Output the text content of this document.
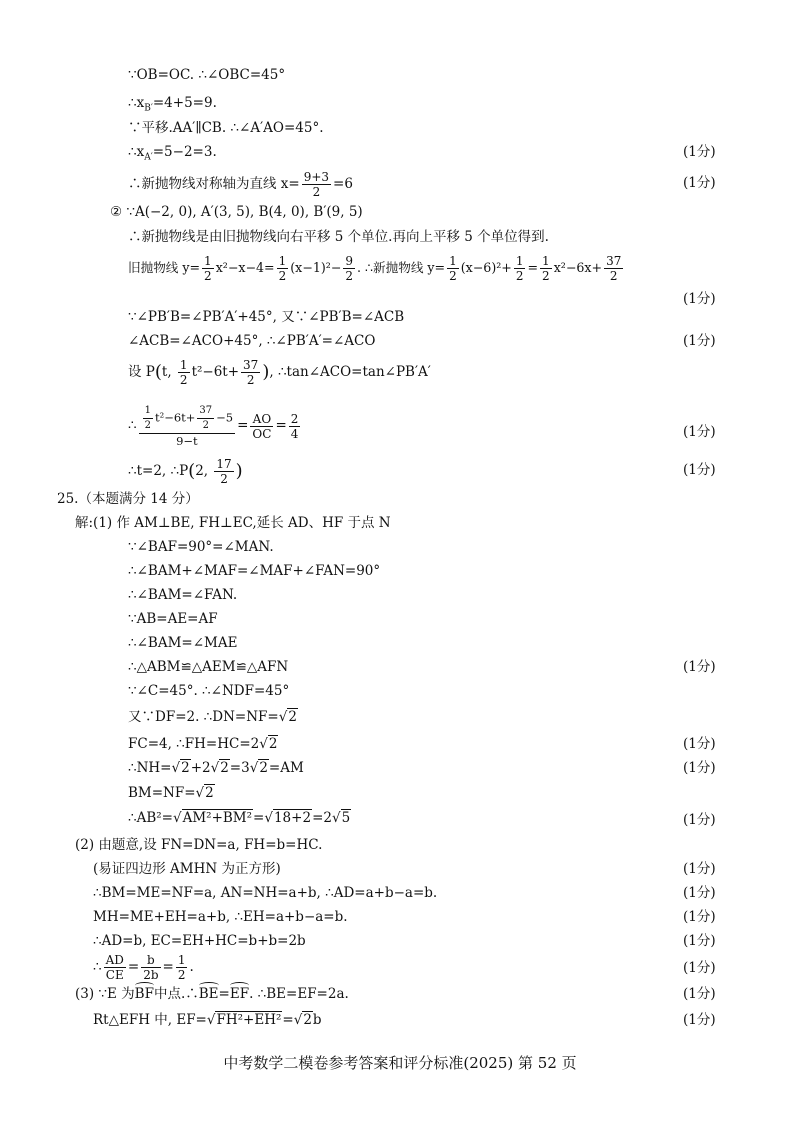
∵OB=OC. ∴∠OBC=45°
$\therefore x_{B'}=4+5=9$.
∵平移.AA′∥CB. ∴∠A′AO=45°.
$\therefore x_{A'}=5-2=3$.	(1分)
∴新抛物线对称轴为直线 $x= \frac{9+3}{2} =6$	(1分)
② ∵A(−2, 0), A′(3, 5), B(4, 0), B′(9, 5)
∴新抛物线是由旧抛物线向右平移 5 个单位.再向上平移 5 个单位得到.
旧抛物线 $y= \frac{1}{2} x^2-x-4= \frac{1}{2} (x-1)^2- \frac{9}{2}$ . ∴新抛物线 $y= \frac{1}{2} (x-6)^2+ \frac{1}{2} = \frac{1}{2} x^2-6x+ \frac{37}{2}$
(1分)
∵∠PB′B=∠PB′A′+45°, 又∵∠PB′B=∠ACB
∠ACB=∠ACO+45°, ∴∠PB′A′=∠ACO	(1分)
设 P(t, $\frac{1}{2} t^2-6t+ \frac{37}{2}$ ), ∴tan∠ACO=tan∠PB′A′
∴ $\frac{\frac{1}{2} t^2-6t+ \frac{37}{2} -5}{9-t} = \frac{AO}{OC} = \frac{2}{4}$	(1分)
∴t=2, ∴P(2, $\frac{17}{2}$ )	(1分)
25.（本题满分 14 分）
解:(1) 作 AM⊥BE, FH⊥EC,延长 AD、HF 于点 N
∵∠BAF=90°=∠MAN.
∴∠BAM+∠MAF=∠MAF+∠FAN=90°
∴∠BAM=∠FAN.
∵AB=AE=AF
∴∠BAM=∠MAE
∴△ABM≌△AEM≌△AFN	(1分)
∵∠C=45°. ∴∠NDF=45°
又∵DF=2. ∴DN=NF=√2
FC=4, ∴FH=HC=2√2	(1分)
∴NH=√2+2√2=3√2=AM	(1分)
BM=NF=√2
∴AB²=√AM²+BM²=√18+2=2√5	(1分)
(2) 由题意,设 FN=DN=a, FH=b=HC.
(易证四边形 AMHN 为正方形)	(1分)
∴BM=ME=NF=a, AN=NH=a+b, ∴AD=a+b−a=b.	(1分)
MH=ME+EH=a+b, ∴EH=a+b−a=b.	(1分)
∴AD=b, EC=EH+HC=b+b=2b	(1分)
∴ $\frac{AD}{CE} = \frac{b}{2b} = \frac{1}{2}$ .	(1分)
(3) ∵E 为BF中点.∴BE=EF. ∴BE=EF=2a.	(1分)
Rt△EFH 中, EF=√FH²+EH²=√2b	(1分)
中考数学二模卷参考答案和评分标准(2025) 第 52 页
